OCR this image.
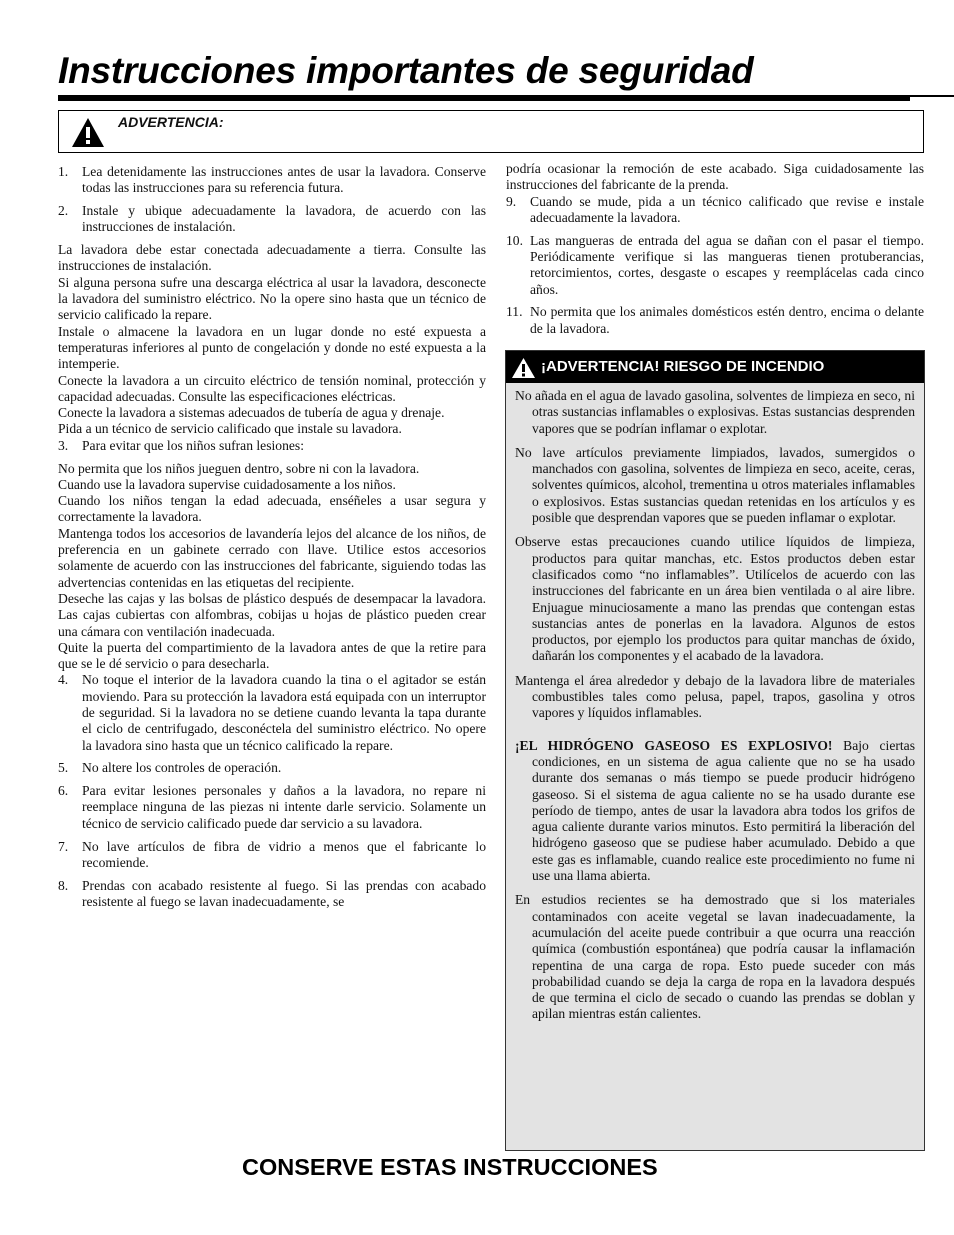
Instrucciones importantes de seguridad
ADVERTENCIA:
1.	Lea detenidamente las instrucciones antes de usar la lavadora. Conserve todas las instrucciones para su referencia futura.
2.	Instale y ubique adecuadamente la lavadora, de acuerdo con las instrucciones de instalación.

La lavadora debe estar conectada adecuadamente a tierra. Consulte las instrucciones de instalación.

Si alguna persona sufre una descarga eléctrica al usar la lavadora, desconecte la lavadora del suministro eléctrico. No la opere sino hasta que un técnico de servicio calificado la repare.

Instale o almacene la lavadora en un lugar donde no esté expuesta a temperaturas inferiores al punto de congelación y donde no esté expuesta a la intemperie.

Conecte la lavadora a un circuito eléctrico de tensión nominal, protección y capacidad adecuadas. Consulte las especificaciones eléctricas.

Conecte la lavadora a sistemas adecuados de tubería de agua y drenaje.

Pida a un técnico de servicio calificado que instale su lavadora.

3.	Para evitar que los niños sufran lesiones:

No permita que los niños jueguen dentro, sobre ni con la lavadora.

Cuando use la lavadora supervise cuidadosamente a los niños.

Cuando los niños tengan la edad adecuada, enséñeles a usar segura y correctamente la lavadora.

Mantenga todos los accesorios de lavandería lejos del alcance de los niños, de preferencia en un gabinete cerrado con llave. Utilice estos accesorios solamente de acuerdo con las instrucciones del fabricante, siguiendo todas las advertencias contenidas en las etiquetas del recipiente.

Deseche las cajas y las bolsas de plástico después de desempacar la lavadora. Las cajas cubiertas con alfombras, cobijas u hojas de plástico pueden crear una cámara con ventilación inadecuada.

Quite la puerta del compartimiento de la lavadora antes de que la retire para que se le dé servicio o para desecharla.

4.	No toque el interior de la lavadora cuando la tina o el agitador se están moviendo. Para su protección la lavadora está equipada con un interruptor de seguridad. Si la lavadora no se detiene cuando levanta la tapa durante el ciclo de centrifugado, desconéctela del suministro eléctrico. No opere la lavadora sino hasta que un técnico calificado la repare.
5.	No altere los controles de operación.
6.	Para evitar lesiones personales y daños a la lavadora, no repare ni reemplace ninguna de las piezas ni intente darle servicio. Solamente un técnico de servicio calificado puede dar servicio a su lavadora.
7.	No lave artículos de fibra de vidrio a menos que el fabricante lo recomiende.
8.	Prendas con acabado resistente al fuego. Si las prendas con acabado resistente al fuego se lavan inadecuadamente, se

podría ocasionar la remoción de este acabado. Siga cuidadosamente las instrucciones del fabricante de la prenda.

9.	Cuando se mude, pida a un técnico calificado que revise e instale adecuadamente la lavadora.
10. Las mangueras de entrada del agua se dañan con el pasar el tiempo. Periódicamente verifique si las mangueras tienen protuberancias, retorcimientos, cortes, desgaste o escapes y reemplácelas cada cinco años.
11. No permita que los animales domésticos estén dentro, encima o delante de la lavadora.
¡ADVERTENCIA! RIESGO DE INCENDIO

No añada en el agua de lavado gasolina, solventes de limpieza en seco, ni otras sustancias inflamables o explosivas. Estas sustancias desprenden vapores que se podrían inflamar o explotar.

No lave artículos previamente limpiados, lavados, sumergidos o manchados con gasolina, solventes de limpieza en seco, aceite, ceras, solventes químicos, alcohol, trementina u otros materiales inflamables o explosivos. Estas sustancias quedan retenidas en los artículos y es posible que desprendan vapores que se pueden inflamar o explotar.

Observe estas precauciones cuando utilice líquidos de limpieza, productos para quitar manchas, etc. Estos productos deben estar clasificados como “no inflamables”. Utilícelos de acuerdo con las instrucciones del fabricante en un área bien ventilada o al aire libre. Enjuague minuciosamente a mano las prendas que contengan estas sustancias antes de ponerlas en la lavadora. Algunos de estos productos, por ejemplo los productos para quitar manchas de óxido, dañarán los componentes y el acabado de la lavadora.

Mantenga el área alrededor y debajo de la lavadora libre de materiales combustibles tales como pelusa, papel, trapos, gasolina y otros vapores y líquidos inflamables.

¡EL HIDRÓGENO GASEOSO ES EXPLOSIVO! Bajo ciertas condiciones, en un sistema de agua caliente que no se ha usado durante dos semanas o más tiempo se puede producir hidrógeno gaseoso. Si el sistema de agua caliente no se ha usado durante ese período de tiempo, antes de usar la lavadora abra todos los grifos de agua caliente durante varios minutos. Esto permitirá la liberación del hidrógeno gaseoso que se pudiese haber acumulado. Debido a que este gas es inflamable, cuando realice este procedimiento no fume ni use una llama abierta.

En estudios recientes se ha demostrado que si los materiales contaminados con aceite vegetal se lavan inadecuadamente, la acumulación del aceite puede contribuir a que ocurra una reacción química (combustión espontánea) que podría causar la inflamación repentina de una carga de ropa. Esto puede suceder con más probabilidad cuando se deja la carga de ropa en la lavadora después de que termina el ciclo de secado o cuando las prendas se doblan y apilan mientras están calientes.

CONSERVE ESTAS INSTRUCCIONES
